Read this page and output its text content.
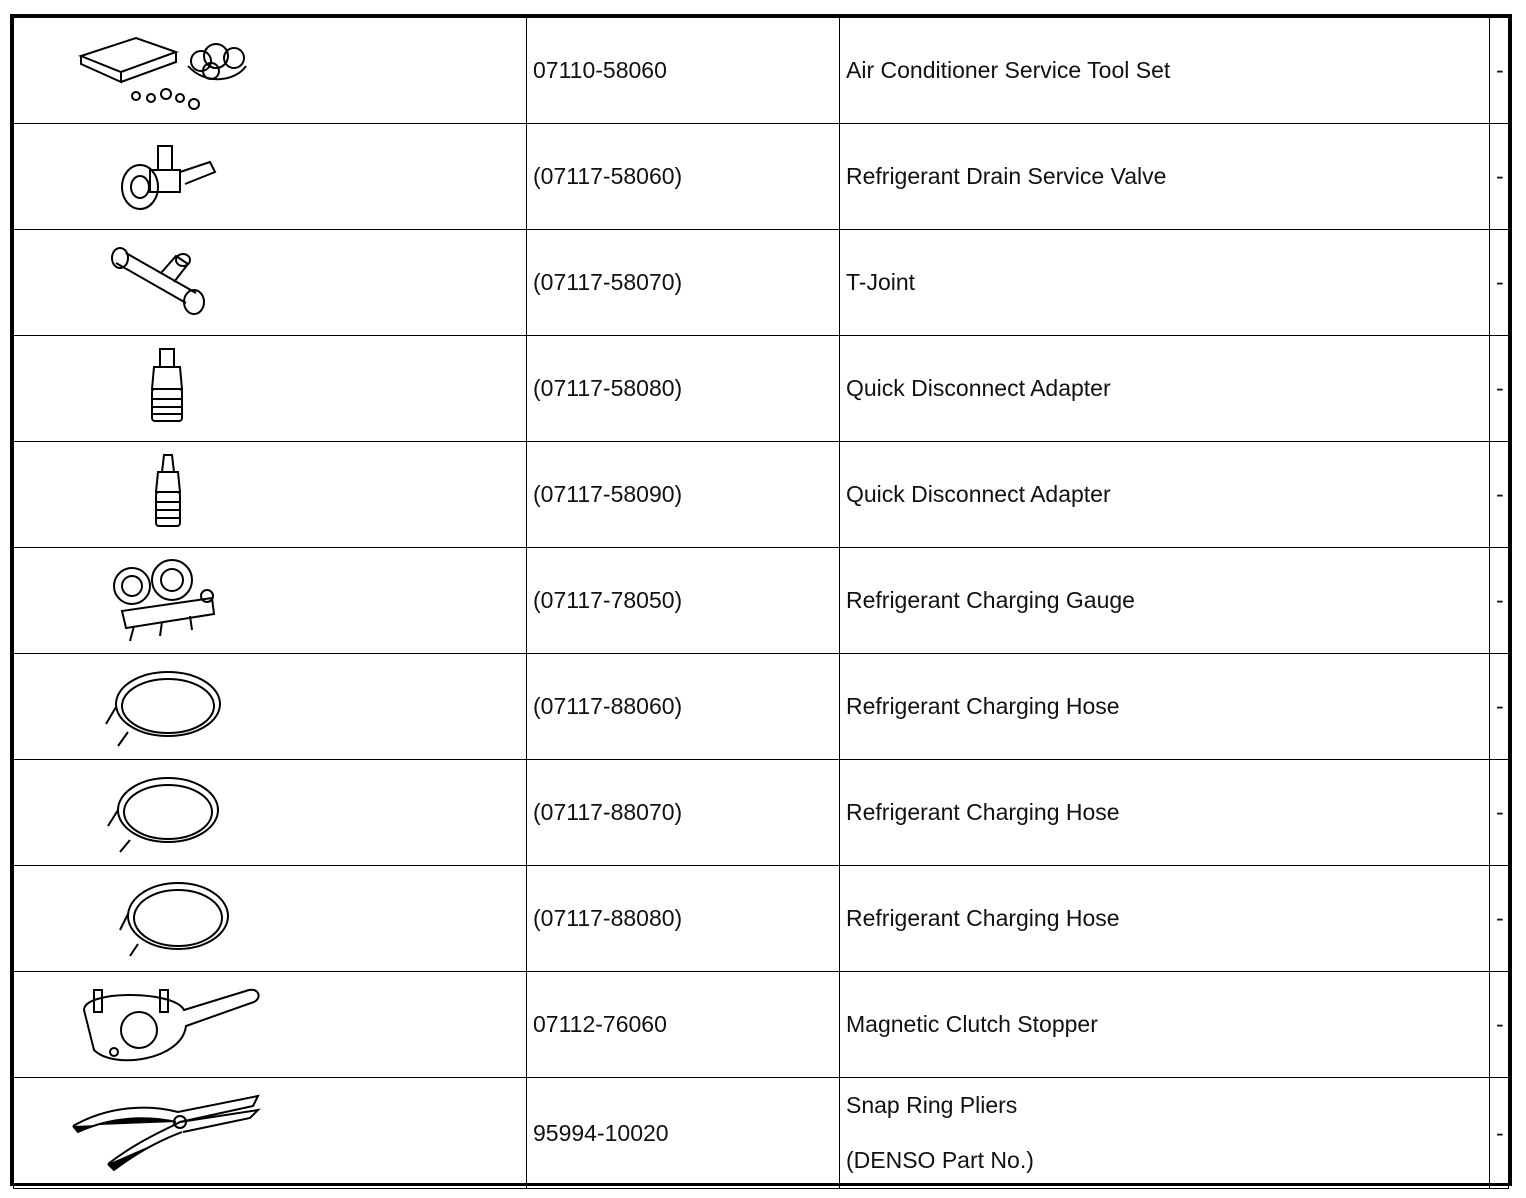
	07110-58060	Air Conditioner Service Tool Set	-

	(07117-58060)	Refrigerant Drain Service Valve	-

	(07117-58070)	T-Joint	-

	(07117-58080)	Quick Disconnect Adapter	-

	(07117-58090)	Quick Disconnect Adapter	-

	(07117-78050)	Refrigerant Charging Gauge	-

	(07117-88060)	Refrigerant Charging Hose	-

	(07117-88070)	Refrigerant Charging Hose	-

	(07117-88080)	Refrigerant Charging Hose	-

	07112-76060	Magnetic Clutch Stopper	-

	95994-10020	Snap Ring Pliers
(DENSO Part No.)	-
